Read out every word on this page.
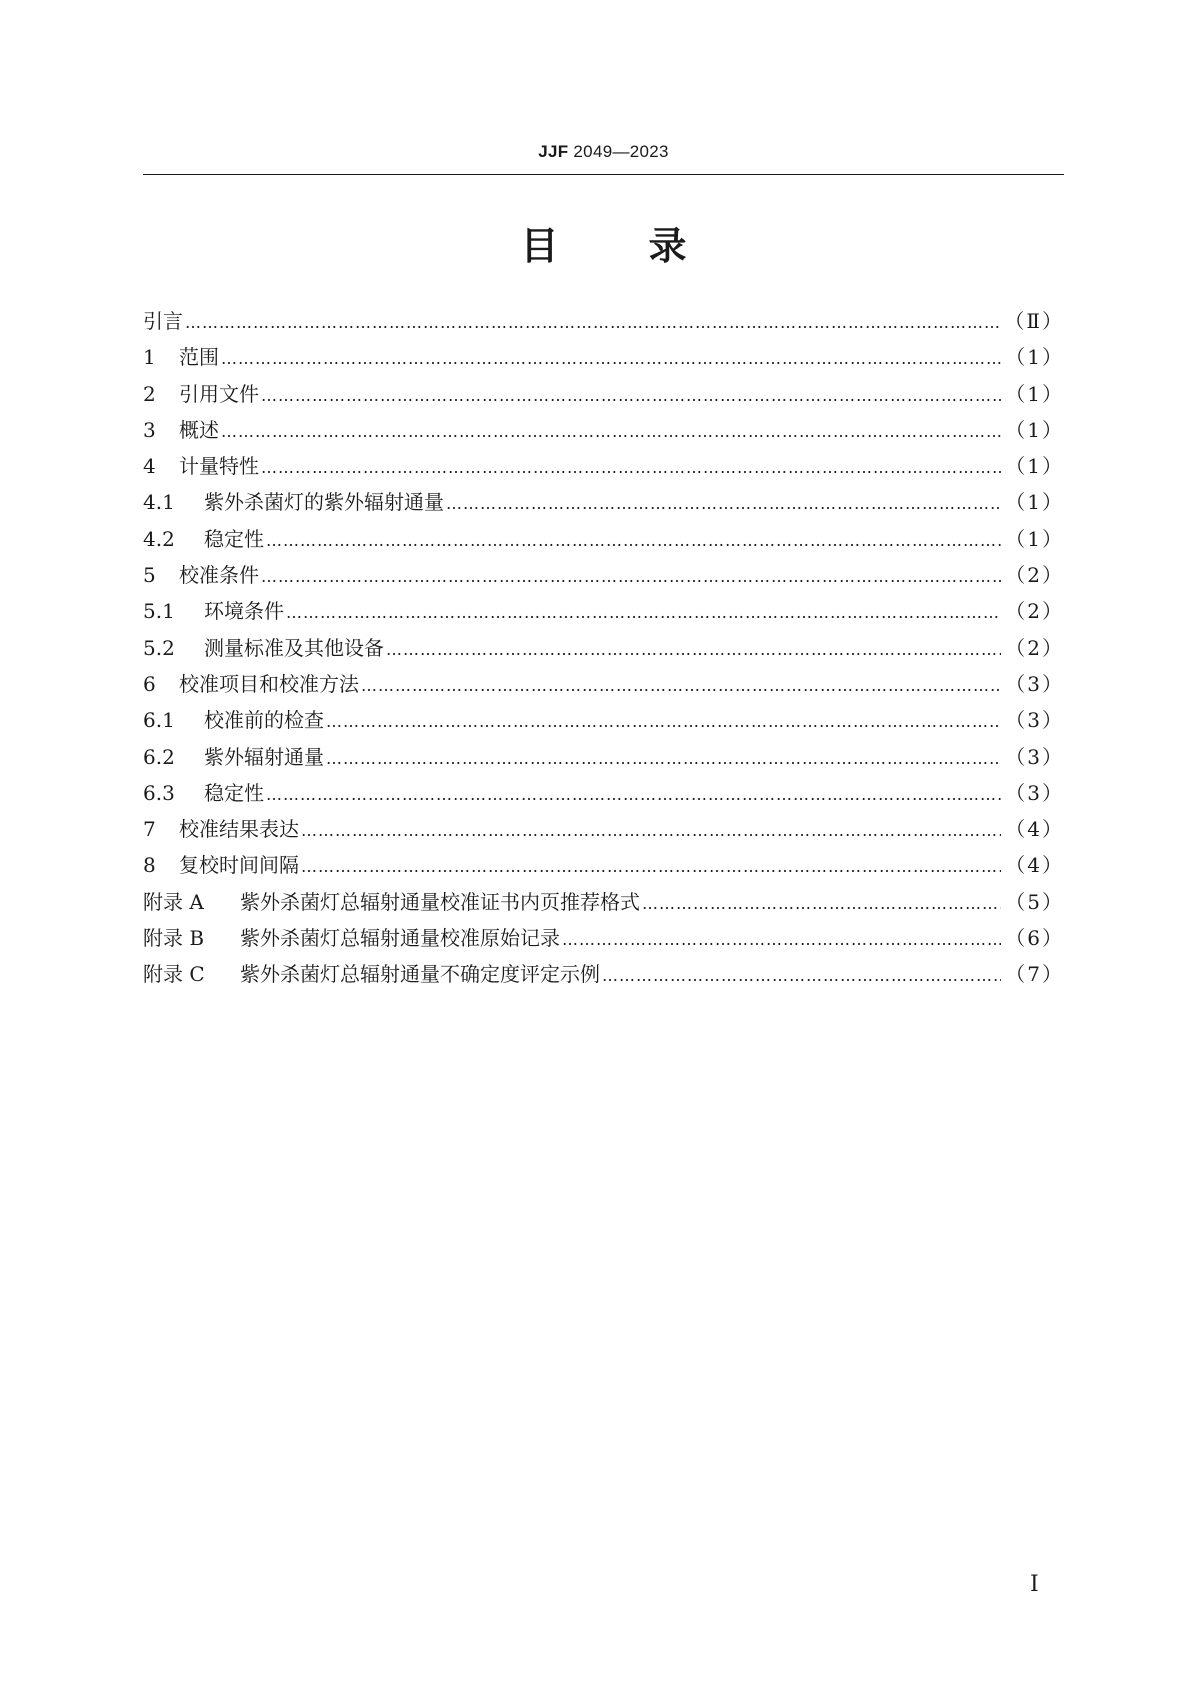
JJF 2049—2023
目 录
引言 …………………………………………………………………………………………………………………………………………………………………………………………………………………………………………	（Ⅱ）
1	范围 …………………………………………………………………………………………………………………………………………………………………………………………………………………………………………	（1）
2	引用文件 …………………………………………………………………………………………………………………………………………………………………………………………………………………………………………	（1）
3	概述 …………………………………………………………………………………………………………………………………………………………………………………………………………………………………………	（1）
4	计量特性 …………………………………………………………………………………………………………………………………………………………………………………………………………………………………………	（1）
4.1	紫外杀菌灯的紫外辐射通量 …………………………………………………………………………………………………………………………………………………………………………………………………………………………………………	（1）
4.2	稳定性 …………………………………………………………………………………………………………………………………………………………………………………………………………………………………………	（1）
5	校准条件 …………………………………………………………………………………………………………………………………………………………………………………………………………………………………………	（2）
5.1	环境条件 …………………………………………………………………………………………………………………………………………………………………………………………………………………………………………	（2）
5.2	测量标准及其他设备 …………………………………………………………………………………………………………………………………………………………………………………………………………………………………………	（2）
6	校准项目和校准方法 …………………………………………………………………………………………………………………………………………………………………………………………………………………………………………	（3）
6.1	校准前的检查 …………………………………………………………………………………………………………………………………………………………………………………………………………………………………………	（3）
6.2	紫外辐射通量 …………………………………………………………………………………………………………………………………………………………………………………………………………………………………………	（3）
6.3	稳定性 …………………………………………………………………………………………………………………………………………………………………………………………………………………………………………	（3）
7	校准结果表达 …………………………………………………………………………………………………………………………………………………………………………………………………………………………………………	（4）
8	复校时间间隔 …………………………………………………………………………………………………………………………………………………………………………………………………………………………………………	（4）
附录 A	紫外杀菌灯总辐射通量校准证书内页推荐格式 …………………………………………………………………………………………………………………………………………………………………………………………………………………………………………	（5）
附录 B	紫外杀菌灯总辐射通量校准原始记录 …………………………………………………………………………………………………………………………………………………………………………………………………………………………………………	（6）
附录 C	紫外杀菌灯总辐射通量不确定度评定示例 …………………………………………………………………………………………………………………………………………………………………………………………………………………………………………	（7）
I
